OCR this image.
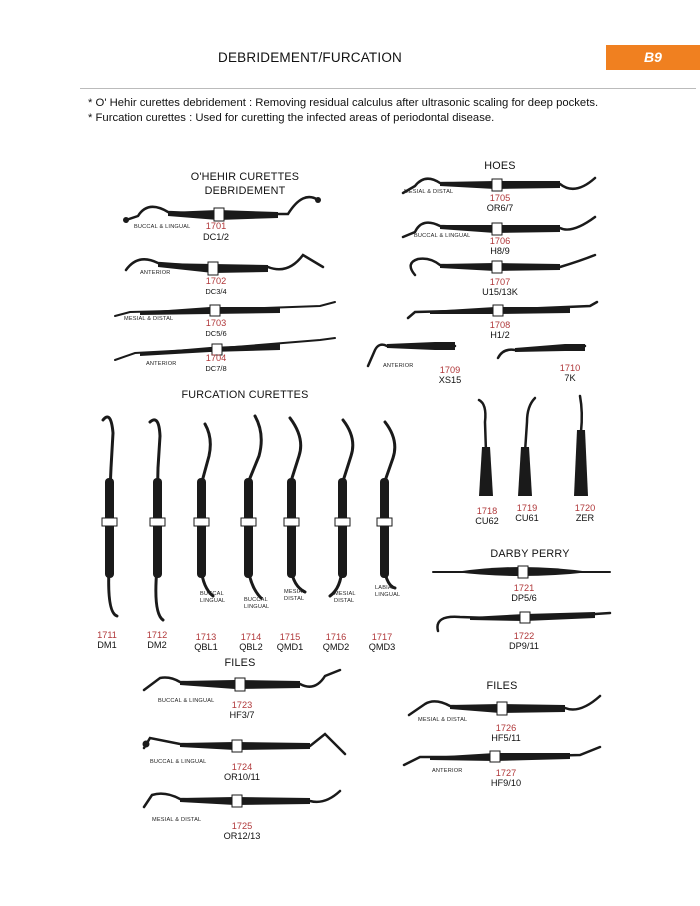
DEBRIDEMENT/FURCATION	B9
* O' Hehir curettes debridement : Removing residual calculus after ultrasonic scaling for deep pockets.
* Furcation curettes : Used for curetting the infected areas of periodontal disease.
O'HEHIR CURETTES
DEBRIDEMENT
HOES
FURCATION CURETTES
DARBY PERRY
FILES
FILES
BUCCAL & LINGUAL	1701
DC1/2
ANTERIOR
1702
DC3/4
MESIAL & DISTAL	1703
DC5/6
ANTERIOR
1704
DC7/8
MESIAL & DISTAL
1705
OR6/7
BUCCAL & LINGUAL	1706
H8/9
1707
U15/13K
1708
H1/2
ANTERIOR	1709
XS15
1710
7K
BUCCAL
LINGUAL	BUCCAL
LINGUAL
MESIAL
DISTAL
MESIAL
DISTAL
LABIAL
LINGUAL
1711
DM1
1712
DM2
1713
QBL1
1714
QBL2
1715
QMD1
1716
QMD2
1717
QMD3
1718
CU62
1719
CU61
1720
ZER
1721
DP5/6
1722
DP9/11
BUCCAL & LINGUAL	1723
HF3/7
BUCCAL & LINGUAL	1724
OR10/11
MESIAL & DISTAL
1725
OR12/13
MESIAL & DISTAL
1726
HF5/11
ANTERIOR	1727
HF9/10
